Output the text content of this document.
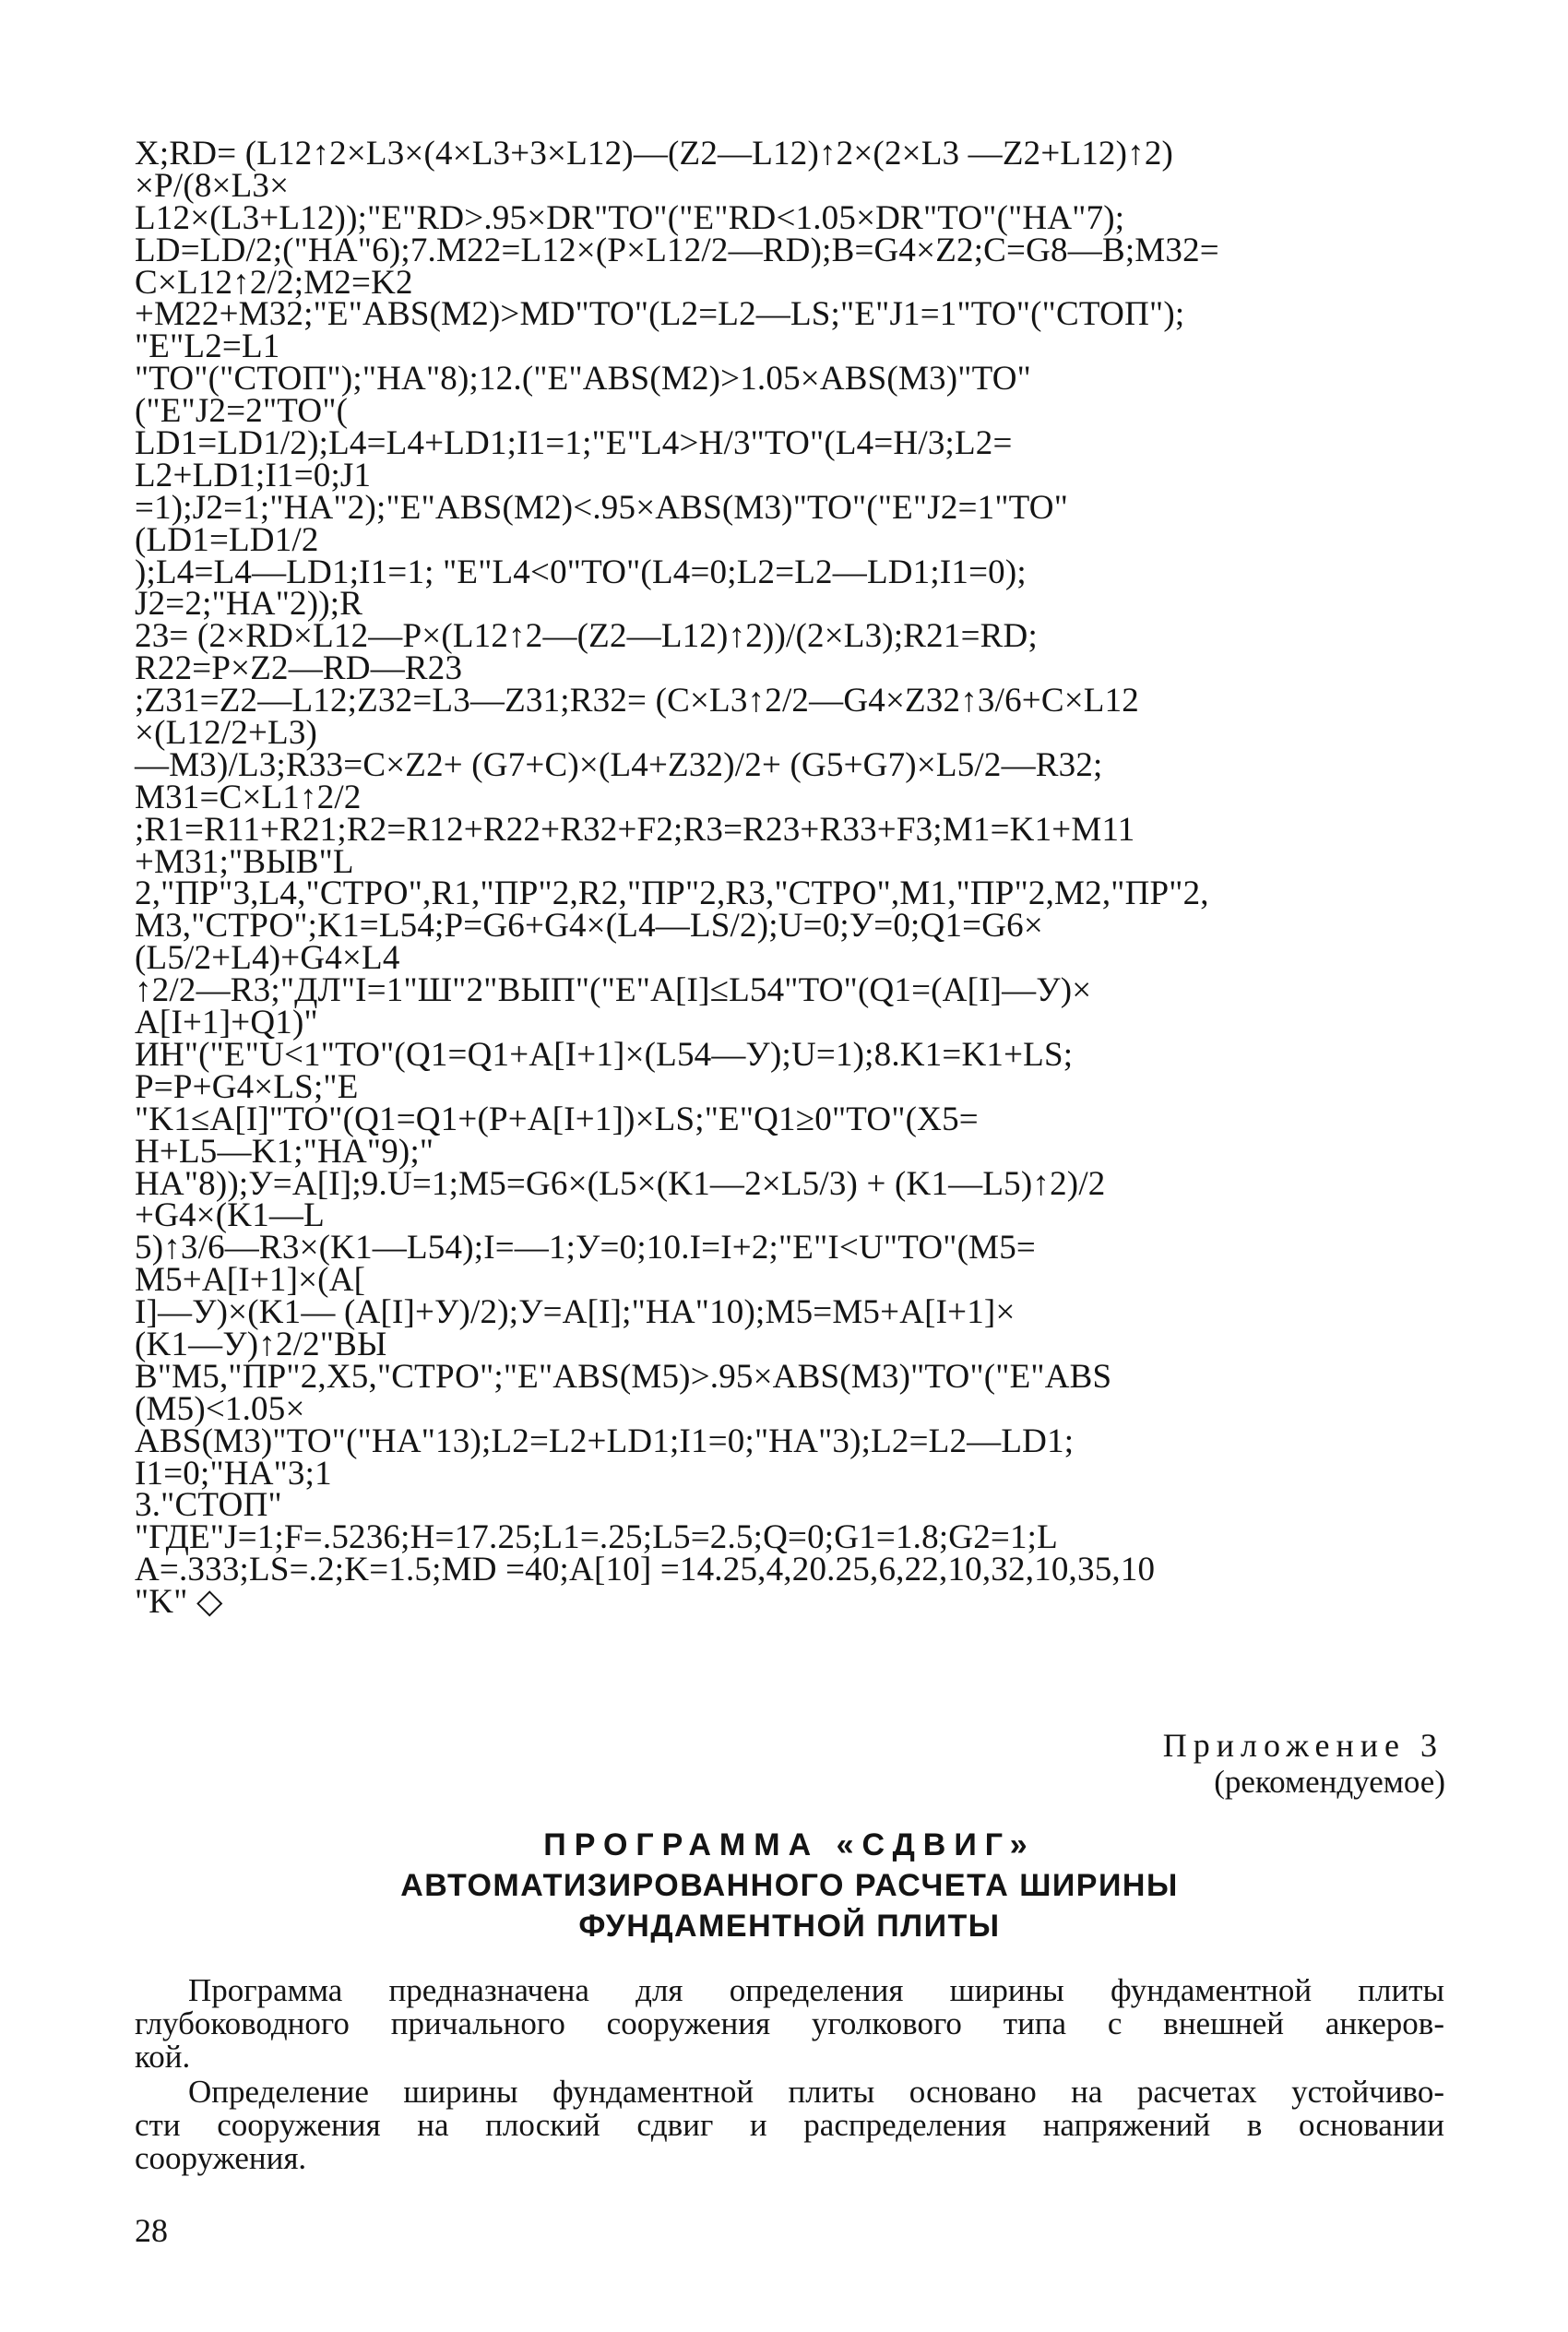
X;RD= (L12↑2×L3×(4×L3+3×L12)—(Z2—L12)↑2×(2×L3 —Z2+L12)↑2)
×P/(8×L3×
L12×(L3+L12));"E"RD>.95×DR"TO"("E"RD<1.05×DR"TO"("HA"7);
LD=LD/2;("HA"6);7.M22=L12×(P×L12/2—RD);B=G4×Z2;C=G8—B;M32=
C×L12↑2/2;M2=K2
+M22+M32;"E"ABS(M2)>MD"TO"(L2=L2—LS;"E"J1=1"TO"("СТОП");
"E"L2=L1
"TO"("СТОП");"HA"8);12.("E"ABS(M2)>1.05×ABS(M3)"TO"
("E"J2=2"TO"(
LD1=LD1/2);L4=L4+LD1;I1=1;"E"L4>H/3"TO"(L4=H/3;L2=
L2+LD1;I1=0;J1
=1);J2=1;"HA"2);"E"ABS(M2)<.95×ABS(M3)"TO"("E"J2=1"TO"
(LD1=LD1/2
);L4=L4—LD1;I1=1; "E"L4<0"TO"(L4=0;L2=L2—LD1;I1=0);
J2=2;"HA"2));R
23= (2×RD×L12—P×(L12↑2—(Z2—L12)↑2))/(2×L3);R21=RD;
R22=P×Z2—RD—R23
;Z31=Z2—L12;Z32=L3—Z31;R32= (C×L3↑2/2—G4×Z32↑3/6+C×L12
×(L12/2+L3)
—M3)/L3;R33=C×Z2+ (G7+C)×(L4+Z32)/2+ (G5+G7)×L5/2—R32;
M31=C×L1↑2/2
;R1=R11+R21;R2=R12+R22+R32+F2;R3=R23+R33+F3;M1=K1+M11
+M31;"ВЫВ"L
2,"ПР"3,L4,"СТРО",R1,"ПР"2,R2,"ПР"2,R3,"СТРО",M1,"ПР"2,M2,"ПР"2,
M3,"СТРО";K1=L54;P=G6+G4×(L4—LS/2);U=0;У=0;Q1=G6×
(L5/2+L4)+G4×L4
↑2/2—R3;"ДЛ"I=1"Ш"2"ВЫП"("E"A[I]≤L54"TO"(Q1=(A[I]—У)×
A[I+1]+Q1)"
ИН"("E"U<1"TO"(Q1=Q1+A[I+1]×(L54—У);U=1);8.K1=K1+LS;
P=P+G4×LS;"E
"K1≤A[I]"TO"(Q1=Q1+(P+A[I+1])×LS;"E"Q1≥0"TO"(X5=
H+L5—K1;"HA"9);"
HA"8));У=A[I];9.U=1;M5=G6×(L5×(K1—2×L5/3) + (K1—L5)↑2)/2
+G4×(K1—L
5)↑3/6—R3×(K1—L54);I=—1;У=0;10.I=I+2;"E"I<U"TO"(M5=
M5+A[I+1]×(A[
I]—У)×(K1— (A[I]+У)/2);У=A[I];"HA"10);M5=M5+A[I+1]×
(K1—У)↑2/2"ВЫ
В"M5,"ПР"2,X5,"СТРО";"E"ABS(M5)>.95×ABS(M3)"TO"("E"ABS
(M5)<1.05×
ABS(M3)"TO"("HA"13);L2=L2+LD1;I1=0;"HA"3);L2=L2—LD1;
I1=0;"HA"3;1
3."СТОП"
"ГДЕ"J=1;F=.5236;H=17.25;L1=.25;L5=2.5;Q=0;G1=1.8;G2=1;L
A=.333;LS=.2;K=1.5;MD =40;A[10] =14.25,4,20.25,6,22,10,32,10,35,10
"K" ◇
Приложение 3
(рекомендуемое)
ПРОГРАММА «СДВИГ»
АВТОМАТИЗИРОВАННОГО РАСЧЕТА ШИРИНЫ
ФУНДАМЕНТНОЙ ПЛИТЫ
Программа предназначена для определения ширины фундаментной плиты
глубоководного причального сооружения уголкового типа с внешней анкеров-
кой.
Определение ширины фундаментной плиты основано на расчетах устойчиво-
сти сооружения на плоский сдвиг и распределения напряжений в основании
сооружения.
28
